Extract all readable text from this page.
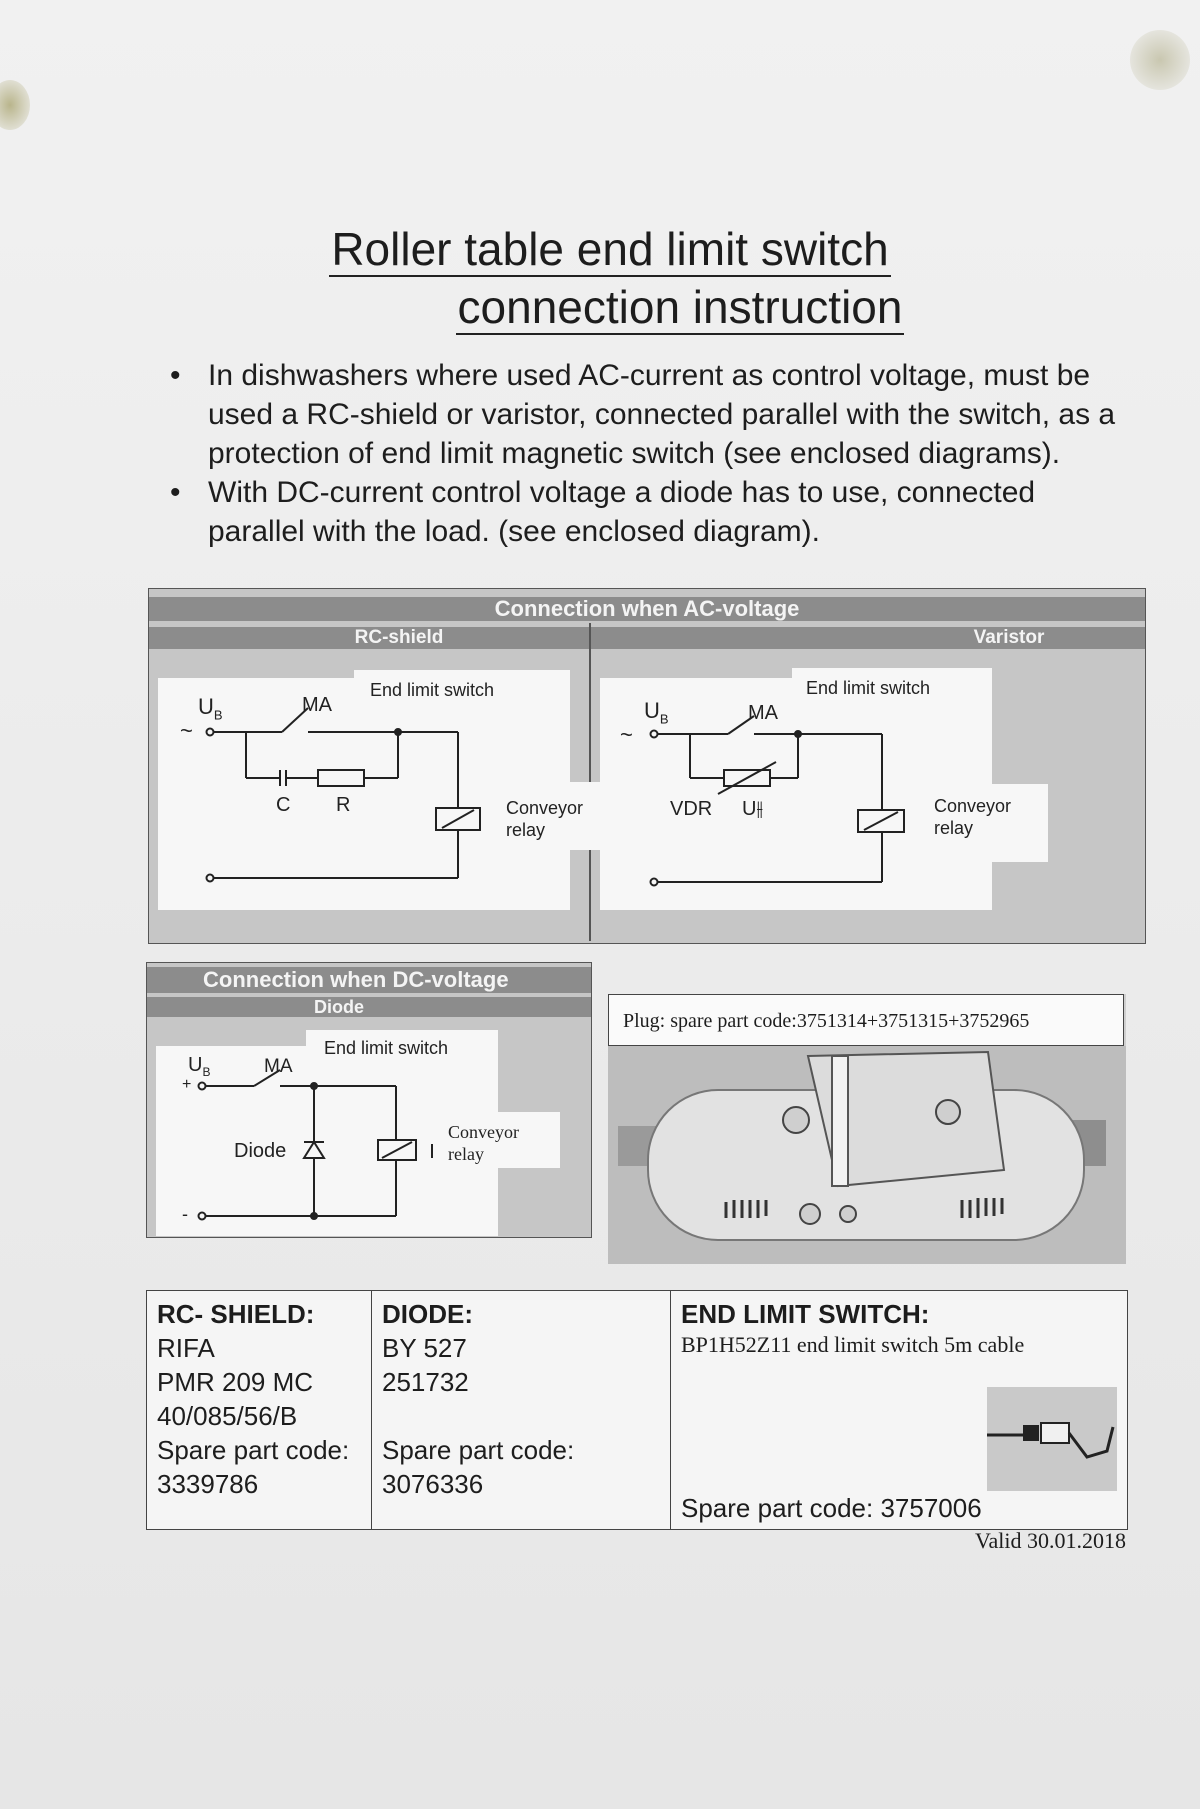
Roller table end limit switch
connection instruction
• In dishwashers where used AC-current as control voltage, must be used a RC-shield or varistor, connected parallel with the switch, as a protection of end limit magnetic switch (see enclosed diagrams).
• With DC-current control voltage a diode has to use, connected parallel with the load. (see enclosed diagram).
Connection when AC-voltage
RC-shield	Varistor
~
$U_B$	MA
End limit switch
C R	Conveyor
relay
~
$U_B$	MA
End limit switch
VDR U⫲	Conveyor
relay
Connection when DC-voltage
Diode
$U_B$
+
-
MA
End limit switch
Diode
Conveyor
relay
Plug: spare part code:3751314+3751315+3752965
RC- SHIELD:
RIFA
PMR 209 MC
40/085/56/B
Spare part code:
3339786

DIODE:
BY 527
251732
Spare part code:
3076336

END LIMIT SWITCH:
BP1H52Z11 end limit switch 5m cable
Spare part code: 3757006
Valid 30.01.2018
